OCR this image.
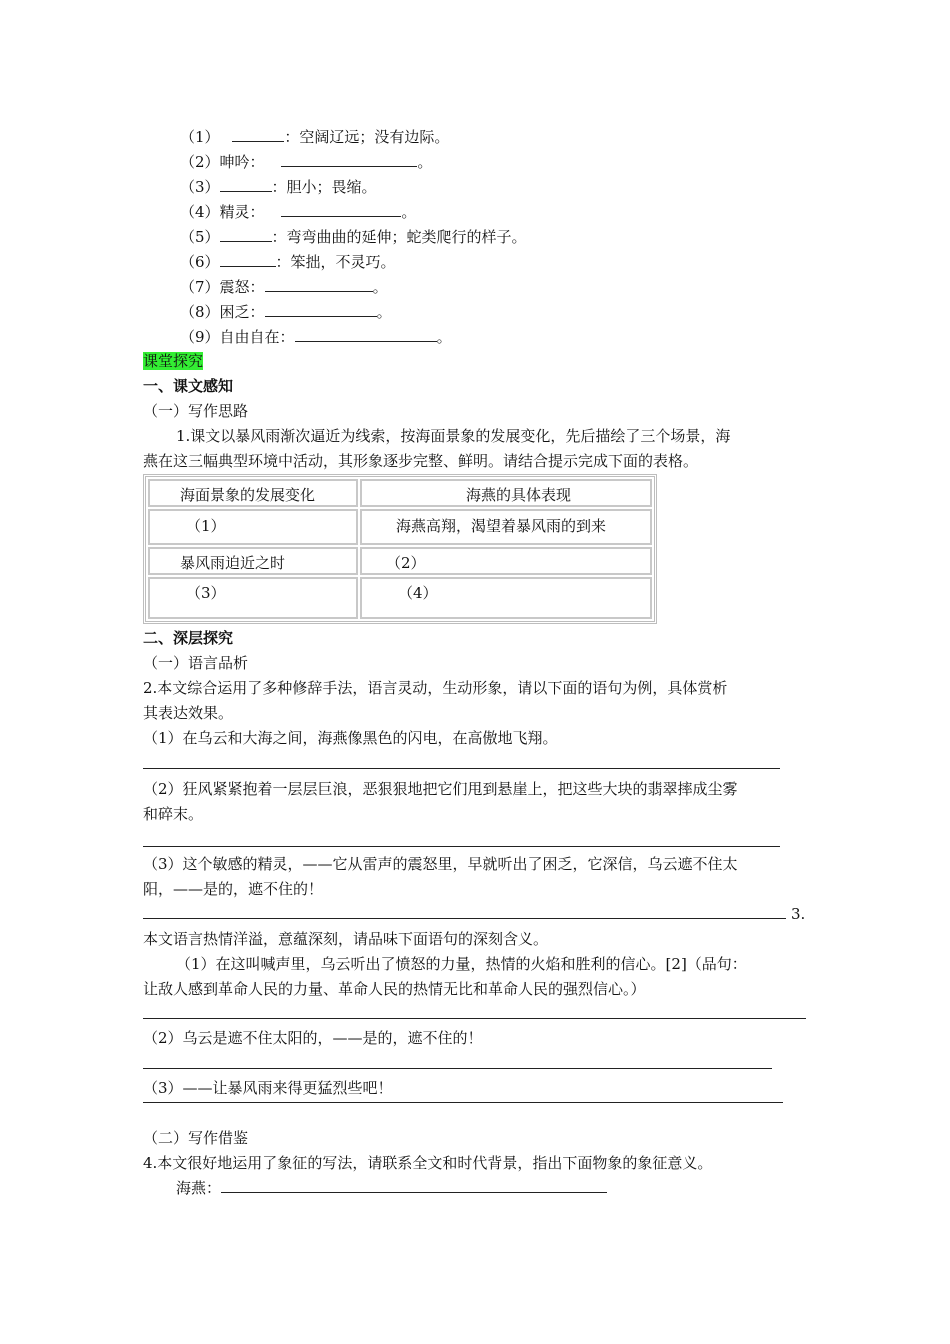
（1）	：空阔辽远；没有边际。
（2）呻吟：	。
（3）	：胆小；畏缩。
（4）精灵：	。
（5）	：弯弯曲曲的延伸；蛇类爬行的样子。
（6）	：笨拙，不灵巧。
（7）震怒：	。
（8）困乏：	。
（9）自由自在：	。
课堂探究
一、课文感知
（一）写作思路
1.课文以暴风雨渐次逼近为线索，按海面景象的发展变化，先后描绘了三个场景，海
燕在这三幅典型环境中活动，其形象逐步完整、鲜明。请结合提示完成下面的表格。
海面景象的发展变化	海燕的具体表现
（1）	海燕高翔，渴望着暴风雨的到来
暴风雨迫近之时	（2）
（3）	（4）
二、深层探究
（一）语言品析
2.本文综合运用了多种修辞手法，语言灵动，生动形象，请以下面的语句为例，具体赏析
其表达效果。
（1）在乌云和大海之间，海燕像黑色的闪电，在高傲地飞翔。
（2）狂风紧紧抱着一层层巨浪，恶狠狠地把它们甩到悬崖上，把这些大块的翡翠摔成尘雾
和碎末。
（3）这个敏感的精灵，——它从雷声的震怒里，早就听出了困乏，它深信，乌云遮不住太
阳，——是的，遮不住的！
3.
本文语言热情洋溢，意蕴深刻，请品味下面语句的深刻含义。
（1）在这叫喊声里，乌云听出了愤怒的力量，热情的火焰和胜利的信心。[2]（品句：
让敌人感到革命人民的力量、革命人民的热情无比和革命人民的强烈信心。）
（2）乌云是遮不住太阳的，——是的，遮不住的！
（3）——让暴风雨来得更猛烈些吧！
（二）写作借鉴
4.本文很好地运用了象征的写法，请联系全文和时代背景，指出下面物象的象征意义。
海燕：
